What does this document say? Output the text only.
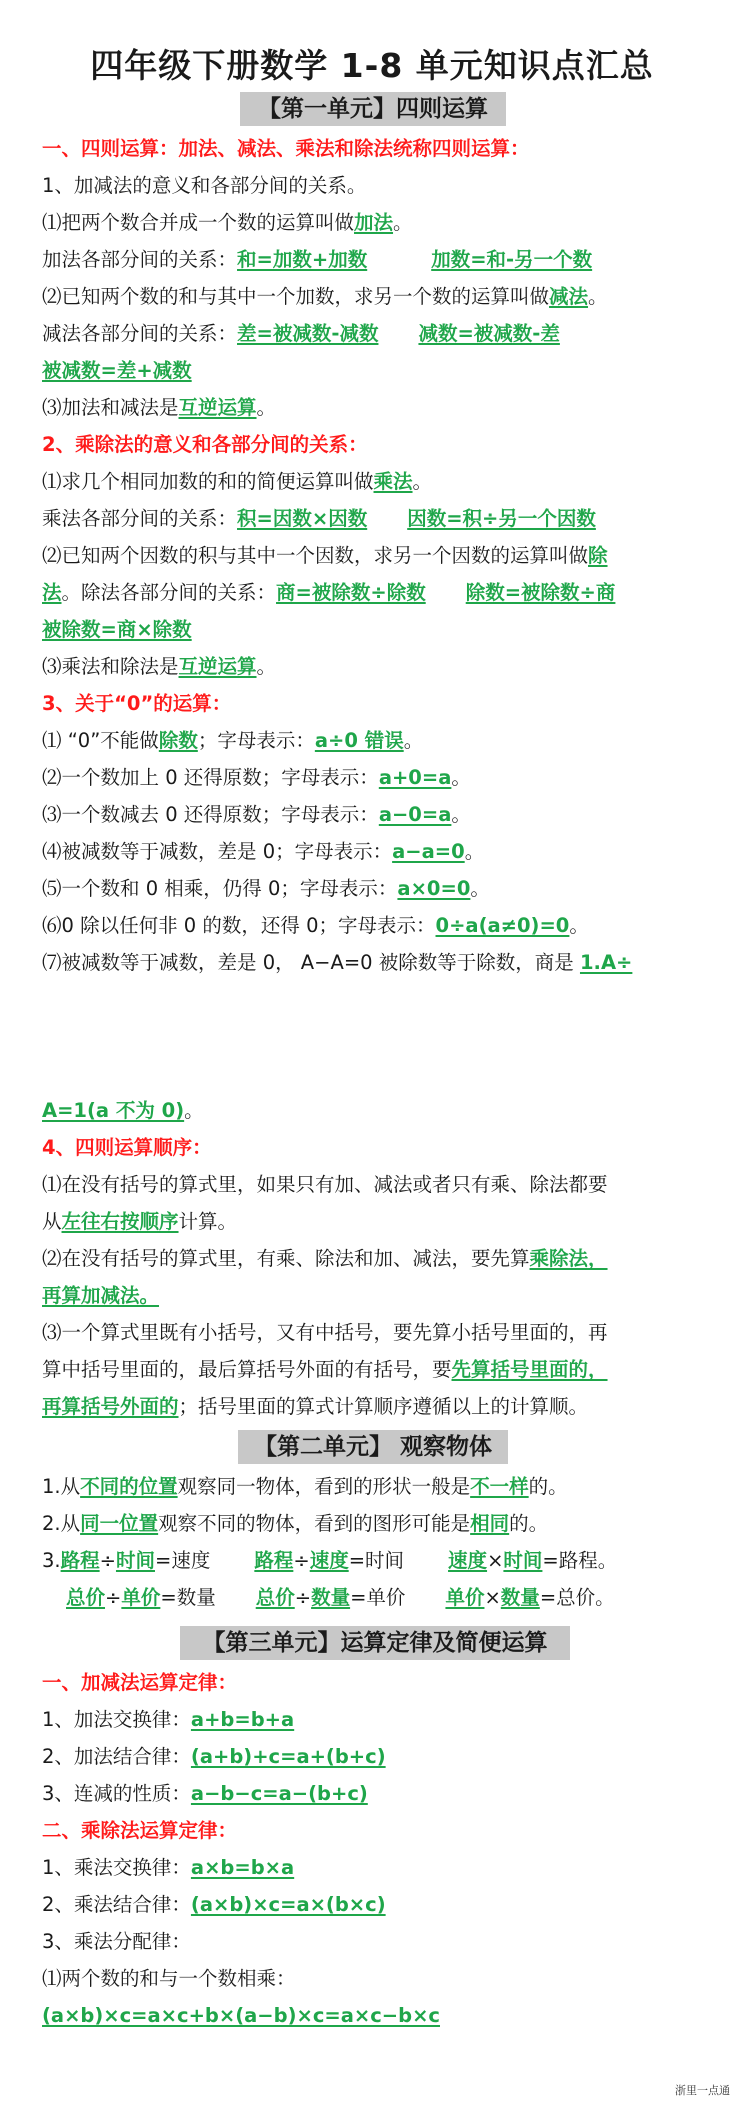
四年级下册数学 1-8 单元知识点汇总
【第一单元】四则运算
一、四则运算：加法、减法、乘法和除法统称四则运算：
1、加减法的意义和各部分间的关系。
⑴把两个数合并成一个数的运算叫做加法。
加法各部分间的关系：和=加数+加数	加数=和-另一个数
⑵已知两个数的和与其中一个加数，求另一个数的运算叫做减法。
减法各部分间的关系：差=被减数-减数 减数=被减数-差
被减数=差+减数
⑶加法和减法是互逆运算。
2、乘除法的意义和各部分间的关系：
⑴求几个相同加数的和的简便运算叫做乘法。
乘法各部分间的关系：积=因数×因数 因数=积÷另一个因数
⑵已知两个因数的积与其中一个因数，求另一个因数的运算叫做除
法。除法各部分间的关系：商=被除数÷除数 除数=被除数÷商
被除数=商×除数
⑶乘法和除法是互逆运算。
3、关于“0”的运算：
⑴ “0”不能做除数；字母表示：a÷0 错误。
⑵一个数加上 0 还得原数；字母表示：a+0=a。
⑶一个数减去 0 还得原数；字母表示：a−0=a。
⑷被减数等于减数，差是 0；字母表示：a−a=0。
⑸一个数和 0 相乘，仍得 0；字母表示：a×0=0。
⑹0 除以任何非 0 的数，还得 0；字母表示：0÷a(a≠0)=0。
⑺被减数等于减数，差是 0， A−A=0 被除数等于除数，商是 1.A÷
A=1(a 不为 0)。
4、四则运算顺序：
⑴在没有括号的算式里，如果只有加、减法或者只有乘、除法都要
从左往右按顺序计算。
⑵在没有括号的算式里，有乘、除法和加、减法，要先算乘除法，
再算加减法。
⑶一个算式里既有小括号，又有中括号，要先算小括号里面的，再
算中括号里面的，最后算括号外面的有括号，要先算括号里面的，
再算括号外面的；括号里面的算式计算顺序遵循以上的计算顺。
【第二单元】 观察物体
1.从不同的位置观察同一物体，看到的形状一般是不一样的。
2.从同一位置观察不同的物体，看到的图形可能是相同的。
3.路程÷时间=速度 路程÷速度=时间 速度×时间=路程。
总价÷单价=数量 总价÷数量=单价 单价×数量=总价。
【第三单元】运算定律及简便运算
一、加减法运算定律：
1、加法交换律：a+b=b+a
2、加法结合律：(a+b)+c=a+(b+c)
3、连减的性质：a−b−c=a−(b+c)
二、乘除法运算定律：
1、乘法交换律：a×b=b×a
2、乘法结合律：(a×b)×c=a×(b×c)
3、乘法分配律：
⑴两个数的和与一个数相乘：
(a×b)×c=a×c+b×(a−b)×c=a×c−b×c
浙里一点通
